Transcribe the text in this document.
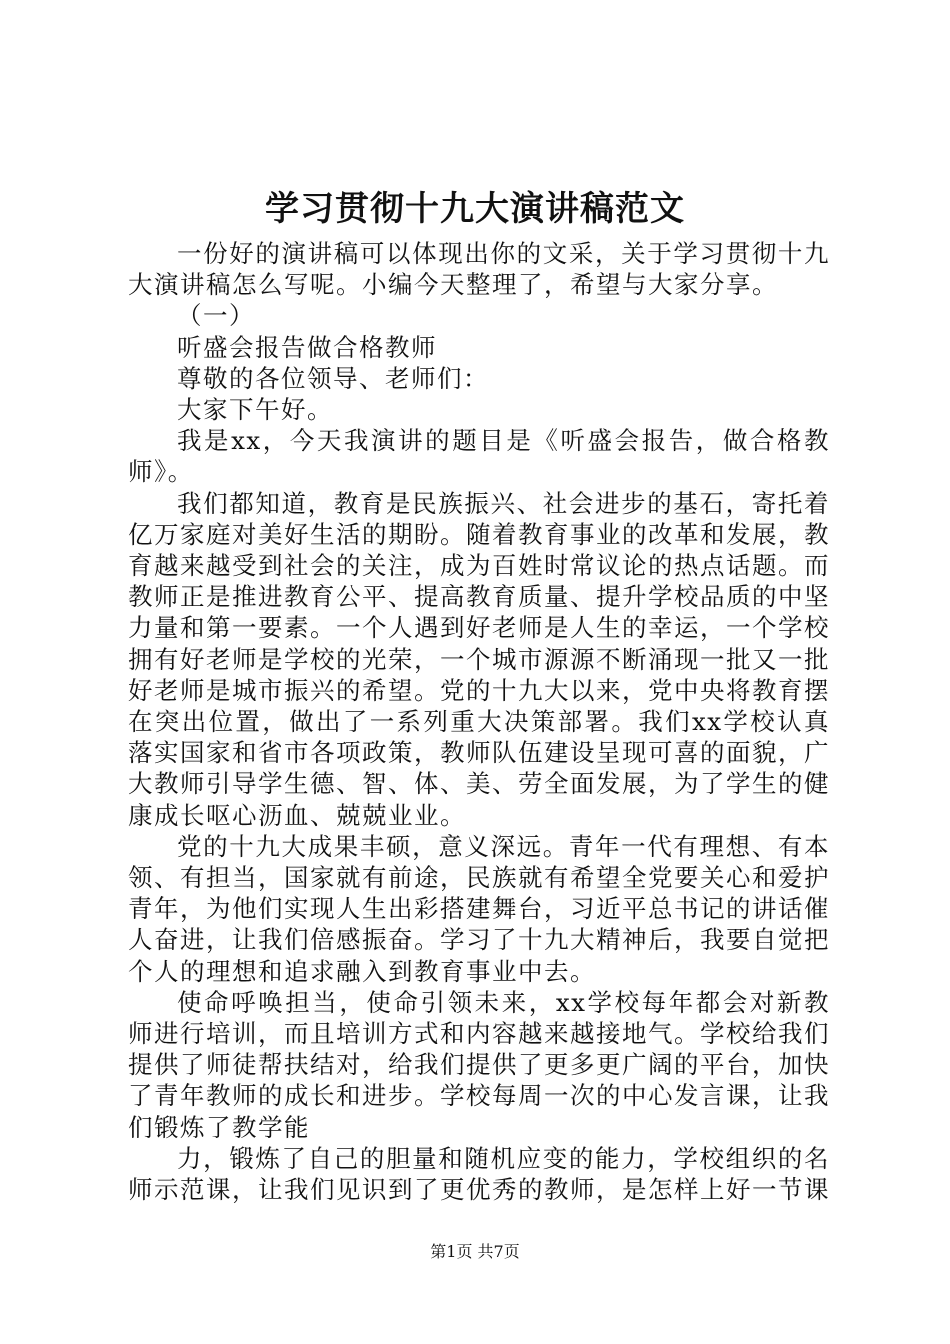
学习贯彻十九大演讲稿范文

一份好的演讲稿可以体现出你的文采，关于学习贯彻十九大演讲稿怎么写呢。小编今天整理了，希望与大家分享。

（一）

听盛会报告做合格教师

尊敬的各位领导、老师们：

大家下午好。

我是xx，今天我演讲的题目是《听盛会报告，做合格教师》。

我们都知道，教育是民族振兴、社会进步的基石，寄托着亿万家庭对美好生活的期盼。随着教育事业的改革和发展，教育越来越受到社会的关注，成为百姓时常议论的热点话题。而教师正是推进教育公平、提高教育质量、提升学校品质的中坚力量和第一要素。一个人遇到好老师是人生的幸运，一个学校拥有好老师是学校的光荣，一个城市源源不断涌现一批又一批好老师是城市振兴的希望。党的十九大以来，党中央将教育摆在突出位置，做出了一系列重大决策部署。我们xx学校认真落实国家和省市各项政策，教师队伍建设呈现可喜的面貌，广大教师引导学生德、智、体、美、劳全面发展，为了学生的健康成长呕心沥血、兢兢业业。

党的十九大成果丰硕，意义深远。青年一代有理想、有本领、有担当，国家就有前途，民族就有希望全党要关心和爱护青年，为他们实现人生出彩搭建舞台，习近平总书记的讲话催人奋进，让我们倍感振奋。学习了十九大精神后，我要自觉把个人的理想和追求融入到教育事业中去。

使命呼唤担当，使命引领未来，xx学校每年都会对新教师进行培训，而且培训方式和内容越来越接地气。学校给我们提供了师徒帮扶结对，给我们提供了更多更广阔的平台，加快了青年教师的成长和进步。学校每周一次的中心发言课，让我们锻炼了教学能

力，锻炼了自己的胆量和随机应变的能力，学校组织的名师示范课，让我们见识到了更优秀的教师，是怎样上好一节课

第1页 共7页
